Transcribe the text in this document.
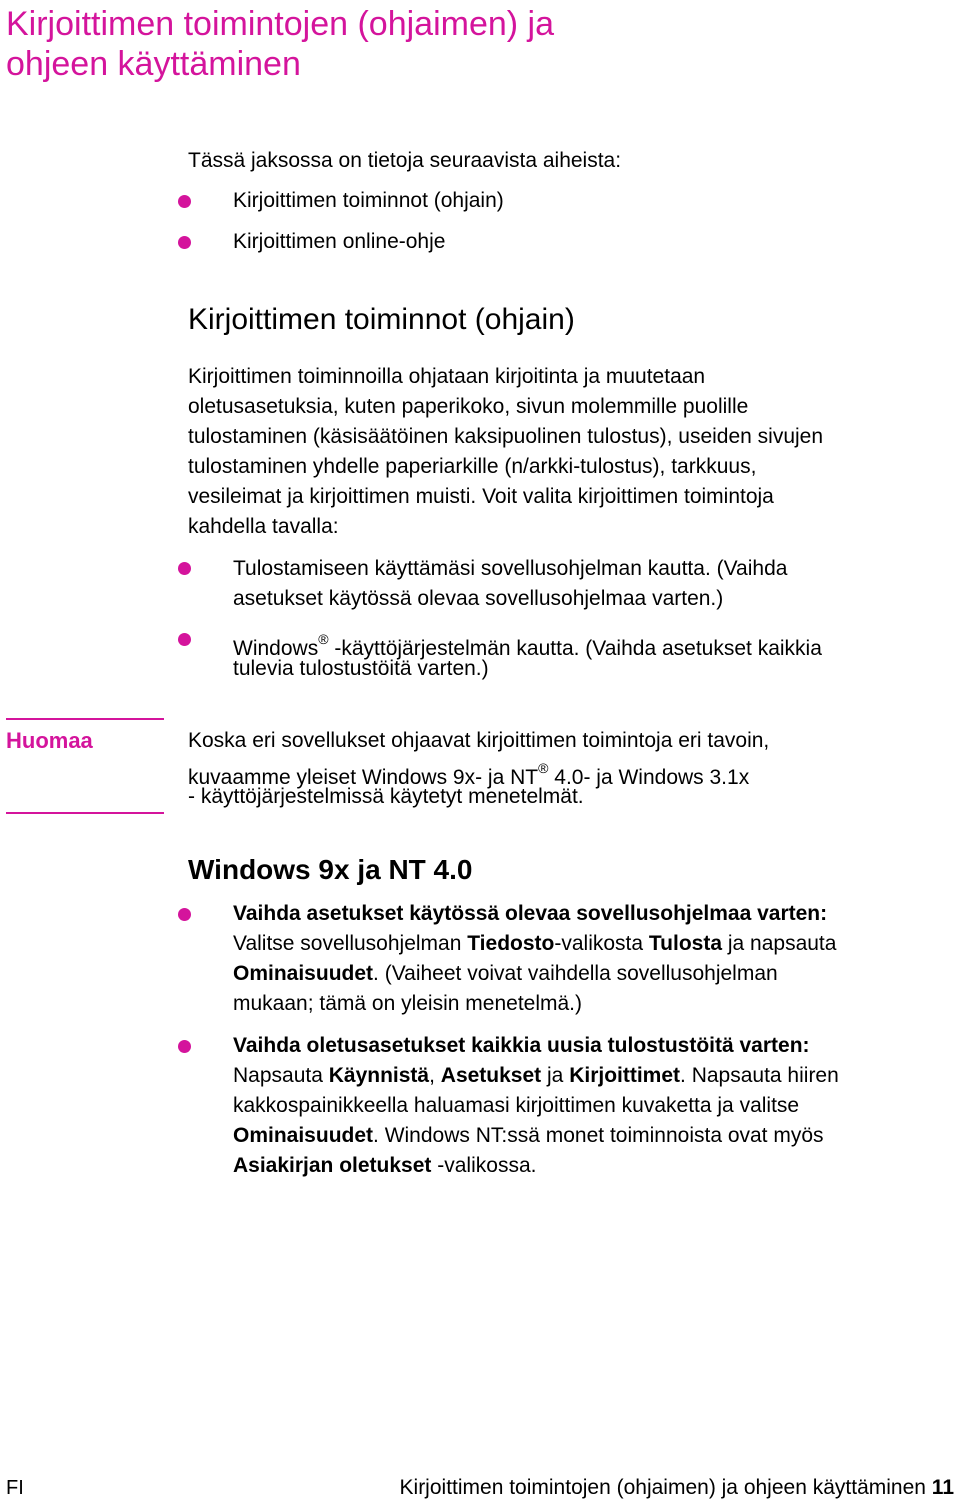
Kirjoittimen toimintojen (ohjaimen) ja
ohjeen käyttäminen

Tässä jaksossa on tietoja seuraavista aiheista:

Kirjoittimen toiminnot (ohjain)
Kirjoittimen online-ohje
Kirjoittimen toiminnot (ohjain)

Kirjoittimen toiminnoilla ohjataan kirjoitinta ja muutetaan

oletusasetuksia, kuten paperikoko, sivun molemmille puolille

tulostaminen (käsisäätöinen kaksipuolinen tulostus), useiden sivujen

tulostaminen yhdelle paperiarkille (n/arkki-tulostus), tarkkuus,

vesileimat ja kirjoittimen muisti. Voit valita kirjoittimen toimintoja

kahdella tavalla:

Tulostamiseen käyttämäsi sovellusohjelman kautta. (Vaihda
asetukset käytössä olevaa sovellusohjelmaa varten.)
Windows® -käyttöjärjestelmän kautta. (Vaihda asetukset kaikkia
tulevia tulostustöitä varten.)
Huomaa	Koska eri sovellukset ohjaavat kirjoittimen toimintoja eri tavoin,
kuvaamme yleiset Windows 9x- ja NT® 4.0- ja Windows 3.1x
- käyttöjärjestelmissä käytetyt menetelmät.
Windows 9x ja NT 4.0
Vaihda asetukset käytössä olevaa sovellusohjelmaa varten:
Valitse sovellusohjelman Tiedosto-valikosta Tulosta ja napsauta
Ominaisuudet. (Vaiheet voivat vaihdella sovellusohjelman
mukaan; tämä on yleisin menetelmä.)
Vaihda oletusasetukset kaikkia uusia tulostustöitä varten:
Napsauta Käynnistä, Asetukset ja Kirjoittimet. Napsauta hiiren
kakkospainikkeella haluamasi kirjoittimen kuvaketta ja valitse
Ominaisuudet. Windows NT:ssä monet toiminnoista ovat myös
Asiakirjan oletukset -valikossa.
FI	Kirjoittimen toimintojen (ohjaimen) ja ohjeen käyttäminen 11
